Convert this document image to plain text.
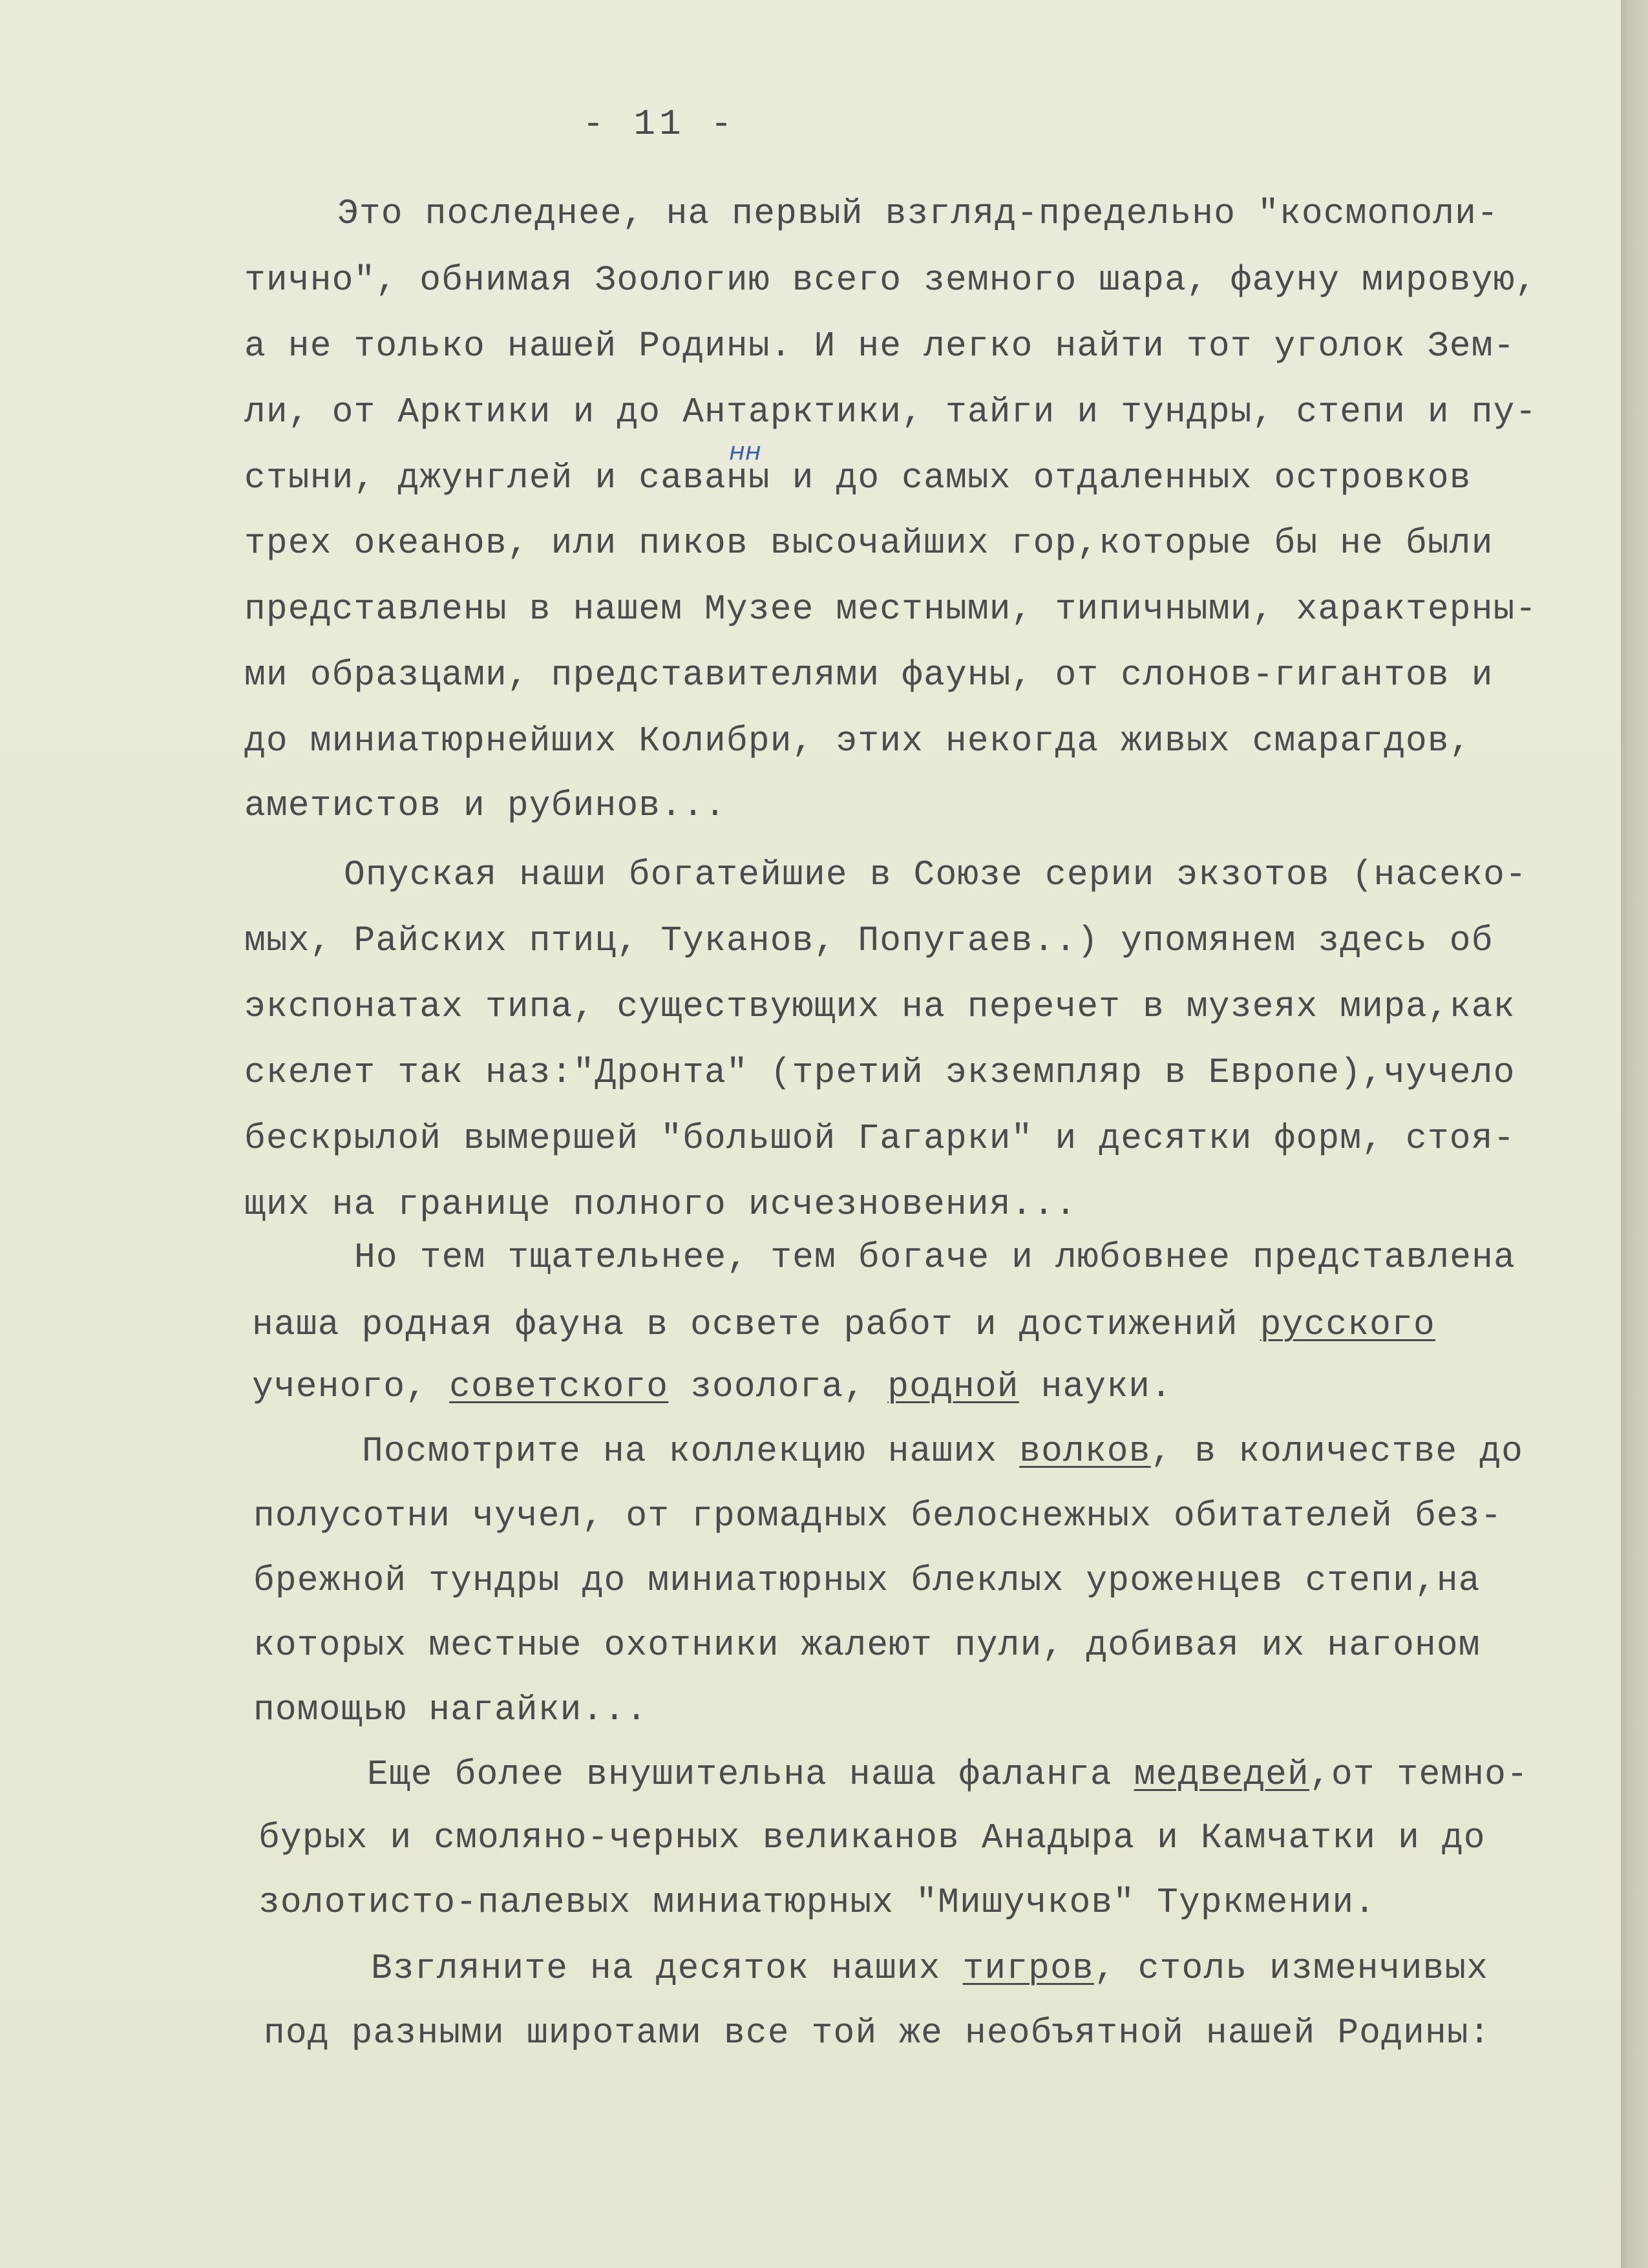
- 11 -
Это последнее, на первый взгляд-предельно "космополи-
тично", обнимая Зоологию всего земного шара, фауну мировую,
а не только нашей Родины. И не легко найти тот уголок Зем-
ли, от Арктики и до Антарктики, тайги и тундры, степи и пу-
стыни, джунглей и саваны и до самых отдаленных островков
нн
трех океанов, или пиков высочайших гор,которые бы не были
представлены в нашем Музее местными, типичными, характерны-
ми образцами, представителями фауны, от слонов-гигантов и
до миниатюрнейших Колибри, этих некогда живых смарагдов,
аметистов и рубинов...
Опуская наши богатейшие в Союзе серии экзотов (насеко-
мых, Райских птиц, Туканов, Попугаев..) упомянем здесь об
экспонатах типа, существующих на перечет в музеях мира,как
скелет так наз:"Дронта" (третий экземпляр в Европе),чучело
бескрылой вымершей "большой Гагарки" и десятки форм, стоя-
щих на границе полного исчезновения...
Но тем тщательнее, тем богаче и любовнее представлена
наша родная фауна в освете работ и достижений русского
ученого, советского зоолога, родной науки.
Посмотрите на коллекцию наших волков, в количестве до
полусотни чучел, от громадных белоснежных обитателей без-
брежной тундры до миниатюрных блеклых уроженцев степи,на
которых местные охотники жалеют пули, добивая их нагоном
помощью нагайки...
Еще более внушительна наша фаланга медведей,от темно-
бурых и смоляно-черных великанов Анадыра и Камчатки и до
золотисто-палевых миниатюрных "Мишучков" Туркмении.
Взгляните на десяток наших тигров, столь изменчивых
под разными широтами все той же необъятной нашей Родины:
